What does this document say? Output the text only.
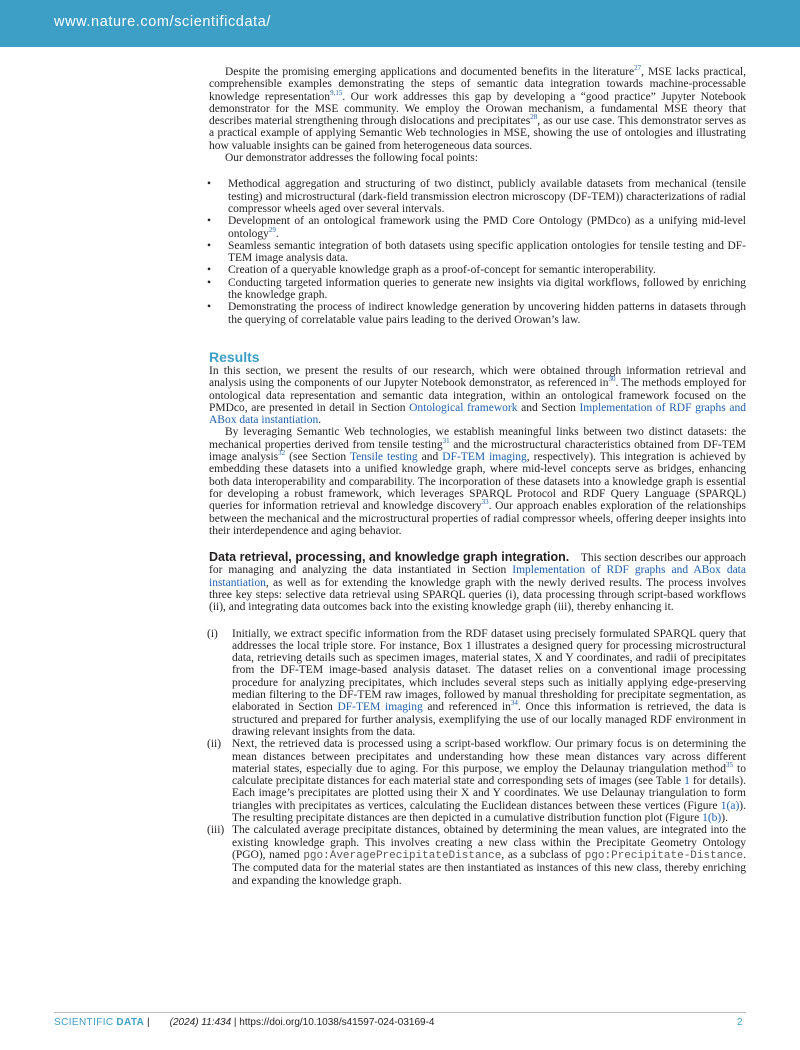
www.nature.com/scientificdata/

Despite the promising emerging applications and documented benefits in the literature$^{27}$, MSE lacks practical, comprehensible examples demonstrating the steps of semantic data integration towards machine-processable knowledge representation$^{9,15}$. Our work addresses this gap by developing a “good practice” Jupyter Notebook demonstrator for the MSE community. We employ the Orowan mechanism, a fundamental MSE theory that describes material strengthening through dislocations and precipitates$^{28}$, as our use case. This demonstrator serves as a practical example of applying Semantic Web technologies in MSE, showing the use of ontologies and illustrating how valuable insights can be gained from heterogeneous data sources.

Our demonstrator addresses the following focal points:

• Methodical aggregation and structuring of two distinct, publicly available datasets from mechanical (tensile testing) and microstructural (dark-field transmission electron microscopy (DF-TEM)) characterizations of radial compressor wheels aged over several intervals.
• Development of an ontological framework using the PMD Core Ontology (PMDco) as a unifying mid-level ontology$^{29}$.
• Seamless semantic integration of both datasets using specific application ontologies for tensile testing and DF-TEM image analysis data.
• Creation of a queryable knowledge graph as a proof-of-concept for semantic interoperability.
• Conducting targeted information queries to generate new insights via digital workflows, followed by enriching the knowledge graph.
• Demonstrating the process of indirect knowledge generation by uncovering hidden patterns in datasets through the querying of correlatable value pairs leading to the derived Orowan’s law.
Results

In this section, we present the results of our research, which were obtained through information retrieval and analysis using the components of our Jupyter Notebook demonstrator, as referenced $in^{30}$. The methods employed for ontological data representation and semantic data integration, within an ontological framework focused on the PMDco, are presented in detail in Section Ontological framework and Section Implementation of RDF graphs and ABox data instantiation.

By leveraging Semantic Web technologies, we establish meaningful links between two distinct datasets: the mechanical properties derived from tensile testing$^{31}$ and the microstructural characteristics obtained from DF-TEM image analysis$^{32}$ (see Section Tensile testing and DF-TEM imaging, respectively). This integration is achieved by embedding these datasets into a unified knowledge graph, where mid-level concepts serve as bridges, enhancing both data interoperability and comparability. The incorporation of these datasets into a knowledge graph is essential for developing a robust framework, which leverages SPARQL Protocol and RDF Query Language (SPARQL) queries for information retrieval and knowledge discovery$^{33}$. Our approach enables exploration of the relationships between the mechanical and the microstructural properties of radial compressor wheels, offering deeper insights into their interdependence and aging behavior.

Data retrieval, processing, and knowledge graph integration. This section describes our approach for managing and analyzing the data instantiated in Section Implementation of RDF graphs and ABox data instantiation, as well as for extending the knowledge graph with the newly derived results. The process involves three key steps: selective data retrieval using SPARQL queries (i), data processing through script-based workflows (ii), and integrating data outcomes back into the existing knowledge graph (iii), thereby enhancing it.

(i)	Initially, we extract specific information from the RDF dataset using precisely formulated SPARQL query that addresses the local triple store. For instance, Box 1 illustrates a designed query for processing microstructural data, retrieving details such as specimen images, material states, X and Y coordinates, and radii of precipitates from the DF-TEM image-based analysis dataset. The dataset relies on a conventional image processing procedure for analyzing precipitates, which includes several steps such as initially applying edge-preserving median filtering to the DF-TEM raw images, followed by manual thresholding for precipitate segmentation, as elaborated in Section DF-TEM imaging and referenced $in^{34}$. Once this information is retrieved, the data is structured and prepared for further analysis, exemplifying the use of our locally managed RDF environment in drawing relevant insights from the data.
(ii) Next, the retrieved data is processed using a script-based workflow. Our primary focus is on determining the mean distances between precipitates and understanding how these mean distances vary across different material states, especially due to aging. For this purpose, we employ the Delaunay triangulation method$^{35}$ to calculate precipitate distances for each material state and corresponding sets of images (see Table 1 for details). Each image’s precipitates are plotted using their X and Y coordinates. We use Delaunay triangulation to form triangles with precipitates as vertices, calculating the Euclidean distances between these vertices (Figure 1(a)). The resulting precipitate distances are then depicted in a cumulative distribution function plot (Figure 1(b)).
(iii) The calculated average precipitate distances, obtained by determining the mean values, are integrated into the existing knowledge graph. This involves creating a new class within the Precipitate Geometry Ontology (PGO), named pgo:AveragePrecipitateDistance, as a subclass of pgo:Precipitate-Distance. The computed data for the material states are then instantiated as instances of this new class, thereby enriching and expanding the knowledge graph.
SCIENTIFIC DATA | (2024) 11:434 | https://doi.org/10.1038/s41597-024-03169-4	2
